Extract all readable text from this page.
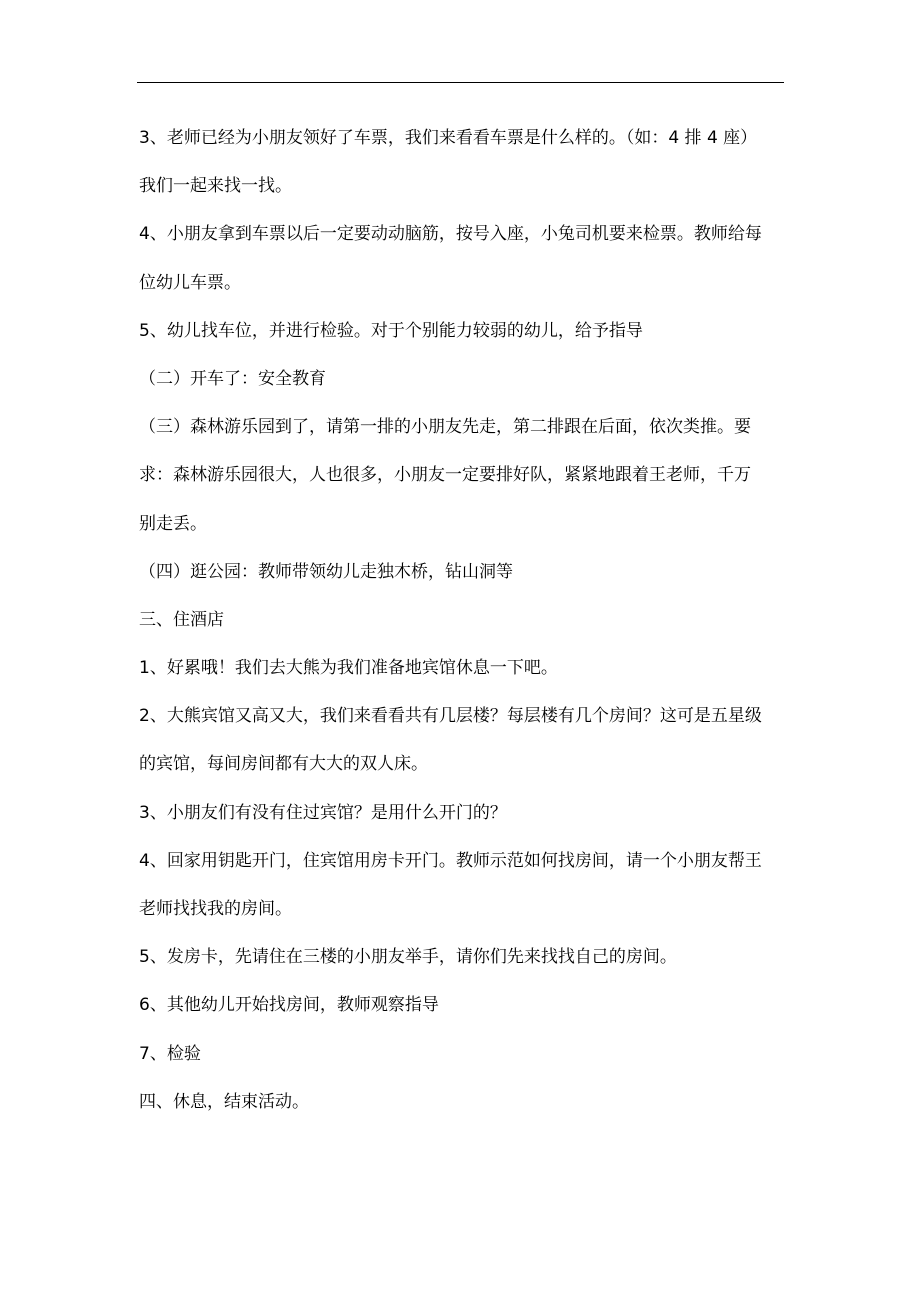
3、老师已经为小朋友领好了车票，我们来看看车票是什么样的。（如：4 排 4 座）
我们一起来找一找。
4、小朋友拿到车票以后一定要动动脑筋，按号入座，小兔司机要来检票。教师给每
位幼儿车票。
5、幼儿找车位，并进行检验。对于个别能力较弱的幼儿，给予指导
（二）开车了：安全教育
（三）森林游乐园到了，请第一排的小朋友先走，第二排跟在后面，依次类推。要
求：森林游乐园很大，人也很多，小朋友一定要排好队，紧紧地跟着王老师，千万
别走丢。
（四）逛公园：教师带领幼儿走独木桥，钻山洞等
三、住酒店
1、好累哦！我们去大熊为我们准备地宾馆休息一下吧。
2、大熊宾馆又高又大，我们来看看共有几层楼？每层楼有几个房间？这可是五星级
的宾馆，每间房间都有大大的双人床。
3、小朋友们有没有住过宾馆？是用什么开门的？
4、回家用钥匙开门，住宾馆用房卡开门。教师示范如何找房间，请一个小朋友帮王
老师找找我的房间。
5、发房卡，先请住在三楼的小朋友举手，请你们先来找找自己的房间。
6、其他幼儿开始找房间，教师观察指导
7、检验
四、休息，结束活动。
